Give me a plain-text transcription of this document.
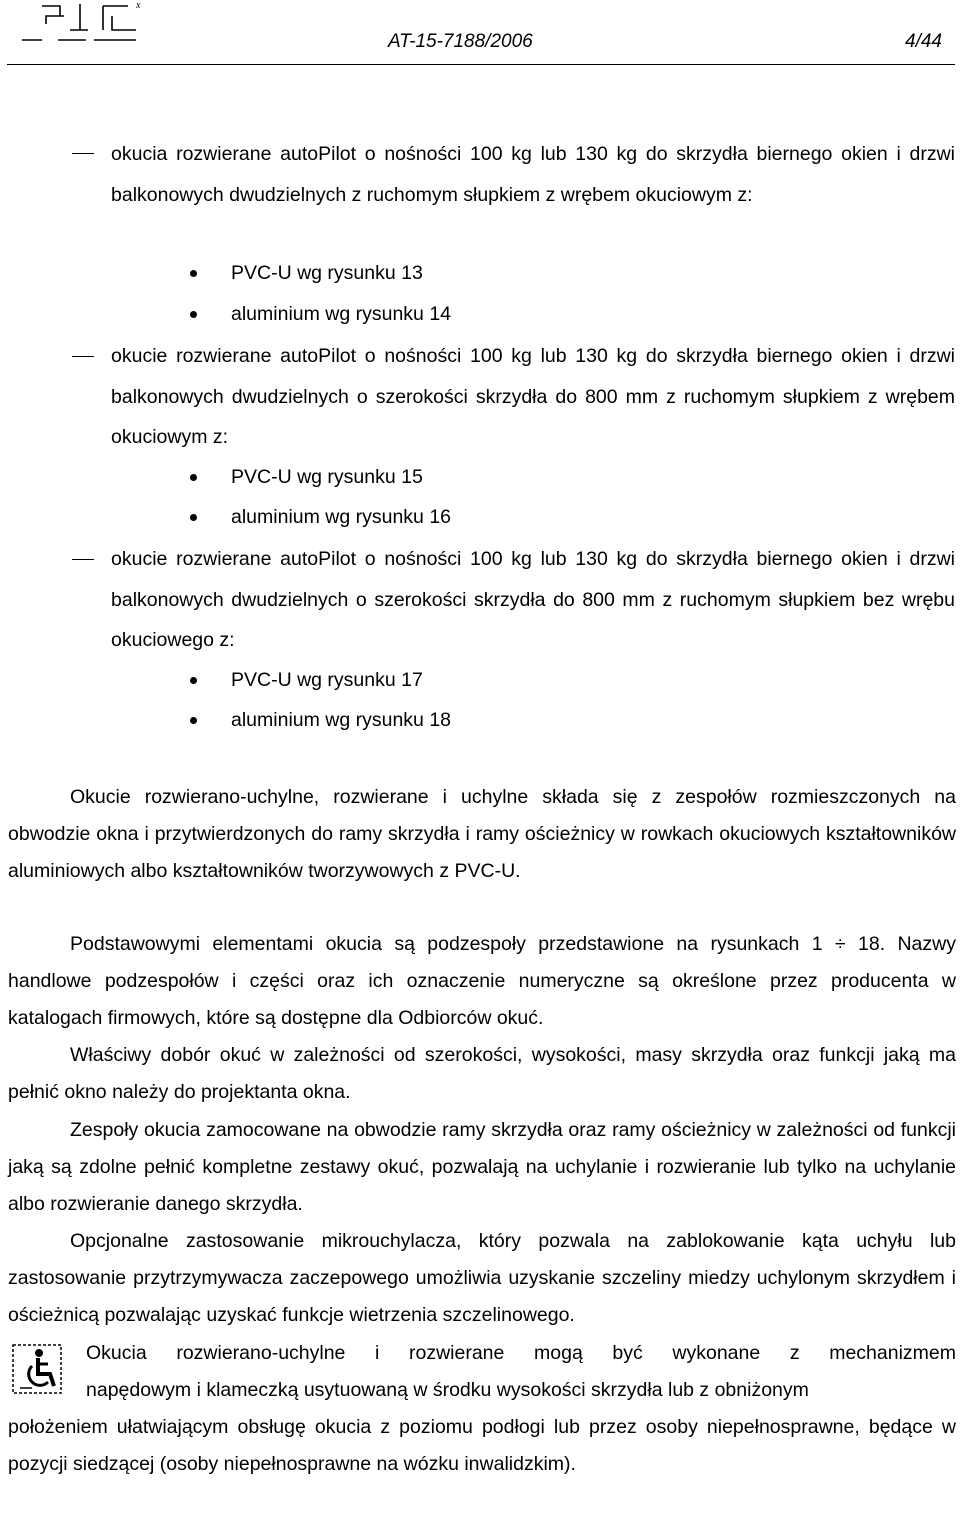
x
AT-15-7188/2006	4/44
okucia rozwierane autoPilot o nośności 100 kg lub 130 kg do skrzydła biernego okien i drzwi balkonowych dwudzielnych z ruchomym słupkiem z wrębem okuciowym z:
PVC-U wg rysunku 13
aluminium wg rysunku 14
okucie rozwierane autoPilot o nośności 100 kg lub 130 kg do skrzydła biernego okien i drzwi balkonowych dwudzielnych o szerokości skrzydła do 800 mm z ruchomym słupkiem z wrębem okuciowym z:
PVC-U wg rysunku 15
aluminium wg rysunku 16
okucie rozwierane autoPilot o nośności 100 kg lub 130 kg do skrzydła biernego okien i drzwi balkonowych dwudzielnych o szerokości skrzydła do 800 mm z ruchomym słupkiem bez wrębu okuciowego z:
PVC-U wg rysunku 17
aluminium wg rysunku 18
Okucie rozwierano-uchylne, rozwierane i uchylne składa się z zespołów rozmieszczonych na obwodzie okna i przytwierdzonych do ramy skrzydła i ramy ościeżnicy w rowkach okuciowych kształtowników aluminiowych albo kształtowników tworzywowych z PVC-U.
Podstawowymi elementami okucia są podzespoły przedstawione na rysunkach 1 ÷ 18. Nazwy handlowe podzespołów i części oraz ich oznaczenie numeryczne są określone przez producenta w katalogach firmowych, które są dostępne dla Odbiorców okuć.
Właściwy dobór okuć w zależności od szerokości, wysokości, masy skrzydła oraz funkcji jaką ma pełnić okno należy do projektanta okna.
Zespoły okucia zamocowane na obwodzie ramy skrzydła oraz ramy ościeżnicy w zależności od funkcji jaką są zdolne pełnić kompletne zestawy okuć, pozwalają na uchylanie i rozwieranie lub tylko na uchylanie albo rozwieranie danego skrzydła.
Opcjonalne zastosowanie mikrouchylacza, który pozwala na zablokowanie kąta uchyłu lub zastosowanie przytrzymywacza zaczepowego umożliwia uzyskanie szczeliny miedzy uchylonym skrzydłem i ościeżnicą pozwalając uzyskać funkcje wietrzenia szczelinowego.
Okucia rozwierano-uchylne i rozwierane mogą być wykonane z mechanizmem
napędowym i klameczką usytuowaną w środku wysokości skrzydła lub z obniżonym
położeniem ułatwiającym obsługę okucia z poziomu podłogi lub przez osoby niepełnosprawne, będące w pozycji siedzącej (osoby niepełnosprawne na wózku inwalidzkim).
